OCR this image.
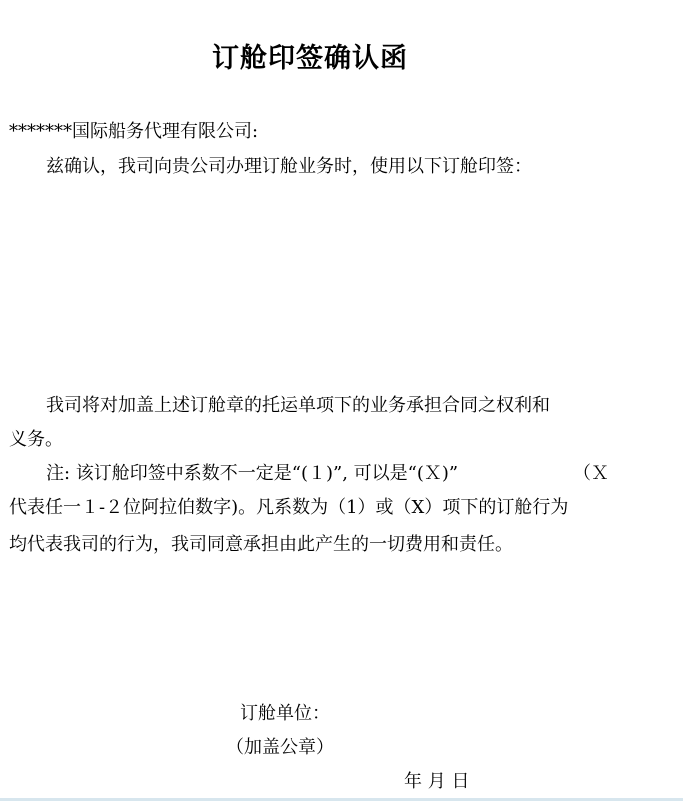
订舱印签确认函
*******国际船务代理有限公司:
兹确认，我司向贵公司办理订舱业务时，使用以下订舱印签：
我司将对加盖上述订舱章的托运单项下的业务承担合同之权利和
义务。
注: 该订舱印签中系数不一定是“(１)”, 可以是“(Ｘ)”	（Ｘ
代表任一１-２位阿拉伯数字)。凡系数为（1）或（X）项下的订舱行为
均代表我司的行为，我司同意承担由此产生的一切费用和责任。
订舱单位：
（加盖公章）
年 月 日
